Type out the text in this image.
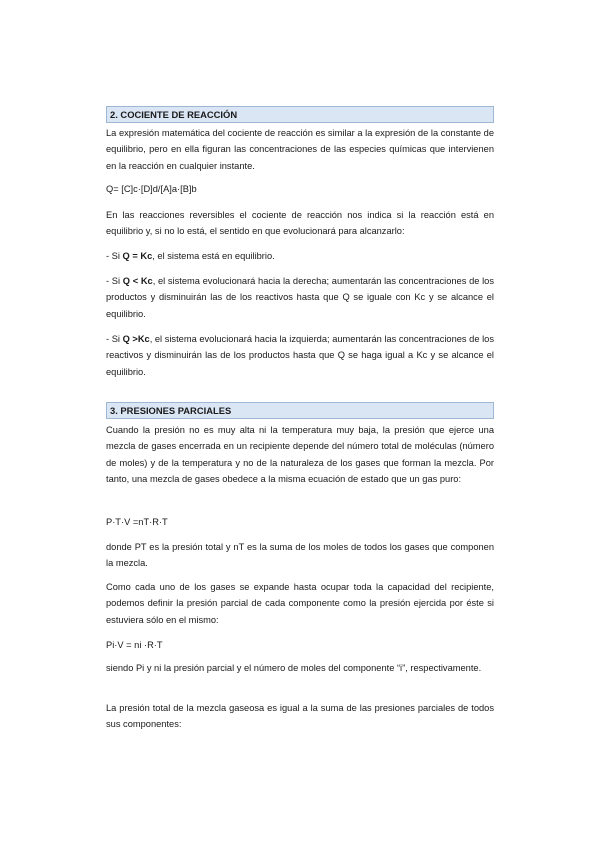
2. COCIENTE DE REACCIÓN

La expresión matemática del cociente de reacción es similar a la expresión de la constante de equilibrio, pero en ella figuran las concentraciones de las especies químicas que intervienen en la reacción en cualquier instante.

Q= [C]c·[D]d/[A]a·[B]b

En las reacciones reversibles el cociente de reacción nos indica si la reacción está en equilibrio y, si no lo está, el sentido en que evolucionará para alcanzarlo:

- Si Q = Kc, el sistema está en equilibrio.

- Si Q < Kc, el sistema evolucionará hacia la derecha; aumentarán las concentraciones de los productos y disminuirán las de los reactivos hasta que Q se iguale con Kc y se alcance el equilibrio.

- Si Q >Kc, el sistema evolucionará hacia la izquierda; aumentarán las concentraciones de los reactivos y disminuirán las de los productos hasta que Q se haga igual a Kc y se alcance el equilibrio.

3. PRESIONES PARCIALES

Cuando la presión no es muy alta ni la temperatura muy baja, la presión que ejerce una mezcla de gases encerrada en un recipiente depende del número total de moléculas (número de moles) y de la temperatura y no de la naturaleza de los gases que forman la mezcla. Por tanto, una mezcla de gases obedece a la misma ecuación de estado que un gas puro:

P·T·V =nT·R·T

donde PT es la presión total y nT es la suma de los moles de todos los gases que componen la mezcla.

Como cada uno de los gases se expande hasta ocupar toda la capacidad del recipiente, podemos definir la presión parcial de cada componente como la presión ejercida por éste si estuviera sólo en el mismo:

Pi·V = ni ·R·T

siendo Pi y ni la presión parcial y el número de moles del componente “i”, respectivamente.

La presión total de la mezcla gaseosa es igual a la suma de las presiones parciales de todos sus componentes:
